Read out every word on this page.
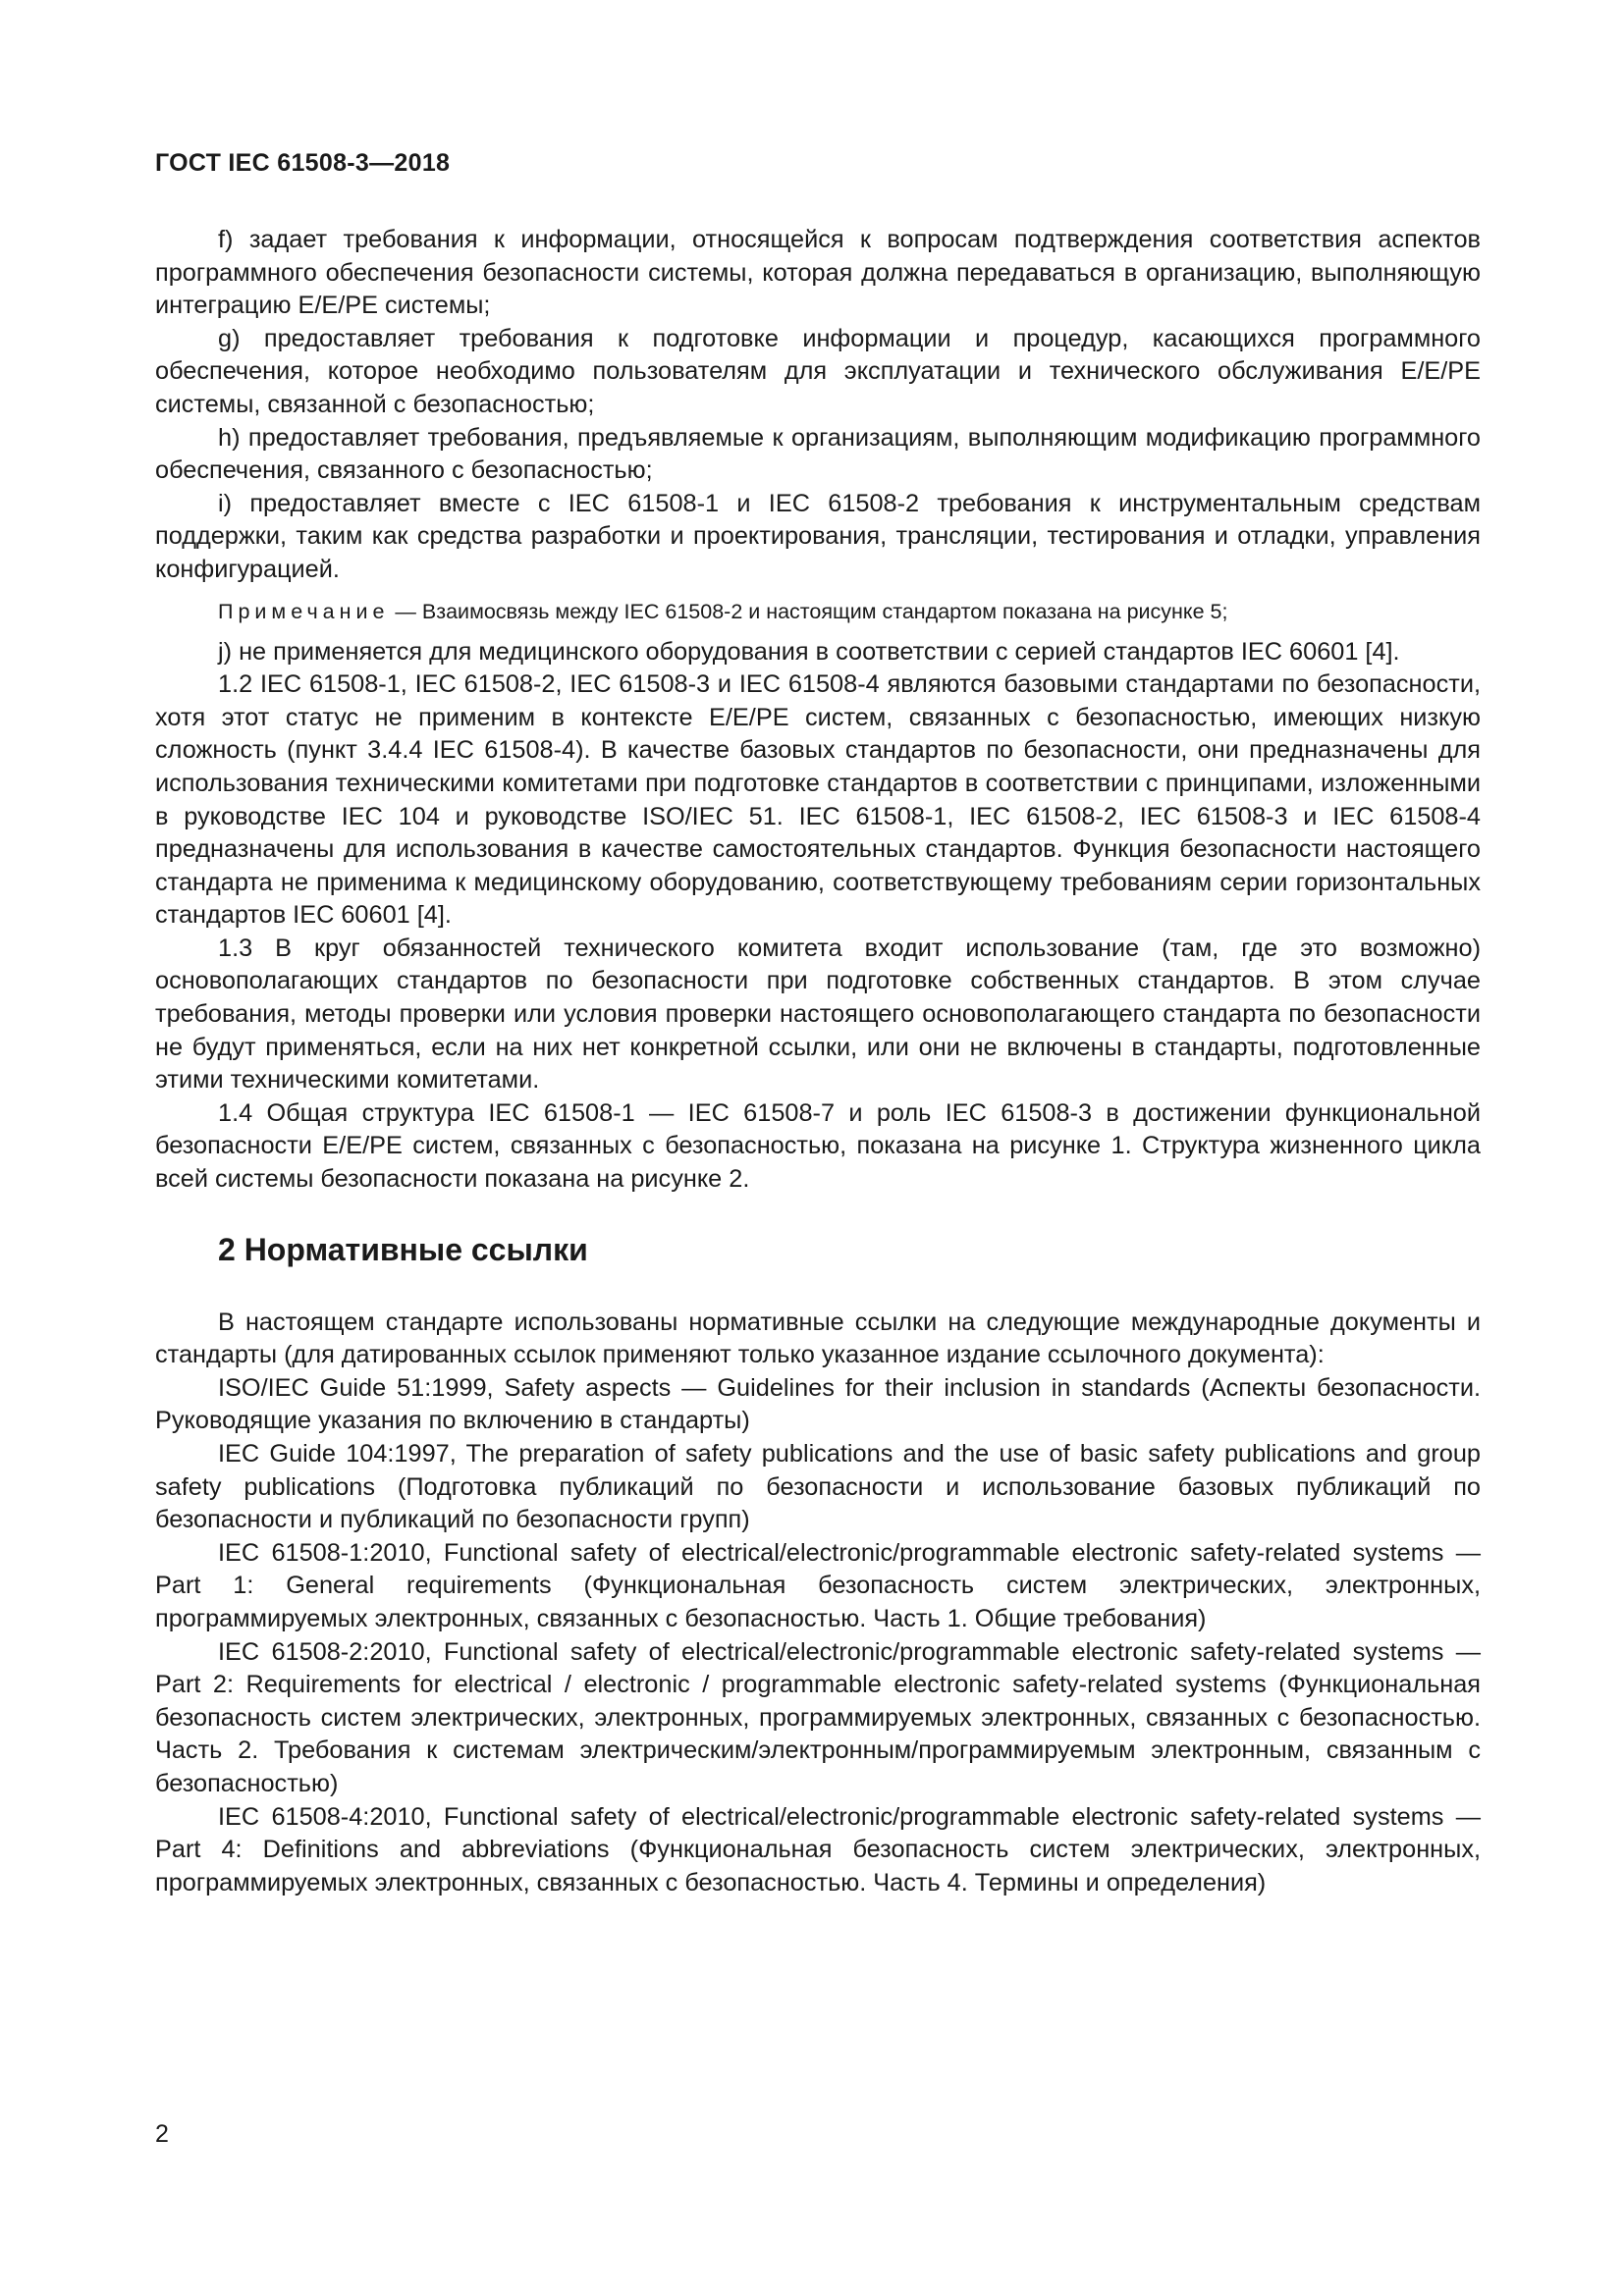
ГОСТ IEC 61508-3—2018

f) задает требования к информации, относящейся к вопросам подтверждения соответствия аспектов программного обеспечения безопасности системы, которая должна передаваться в организацию, выполняющую интеграцию Е/Е/РЕ системы;

g) предоставляет требования к подготовке информации и процедур, касающихся программного обеспечения, которое необходимо пользователям для эксплуатации и технического обслуживания Е/Е/РЕ системы, связанной с безопасностью;

h) предоставляет требования, предъявляемые к организациям, выполняющим модификацию программного обеспечения, связанного с безопасностью;

i) предоставляет вместе с IEC 61508-1 и IEC 61508-2 требования к инструментальным средствам поддержки, таким как средства разработки и проектирования, трансляции, тестирования и отладки, управления конфигурацией.

Примечание — Взаимосвязь между IEC 61508-2 и настоящим стандартом показана на рисунке 5;

j) не применяется для медицинского оборудования в соответствии с серией стандартов IEC 60601 [4].

1.2 IEC 61508-1, IEC 61508-2, IEC 61508-3 и IEC 61508-4 являются базовыми стандартами по безопасности, хотя этот статус не применим в контексте Е/Е/РЕ систем, связанных с безопасностью, имеющих низкую сложность (пункт 3.4.4 IEC 61508-4). В качестве базовых стандартов по безопасности, они предназначены для использования техническими комитетами при подготовке стандартов в соответствии с принципами, изложенными в руководстве IEC 104 и руководстве ISO/IEC 51. IEC 61508-1, IEC 61508-2, IEC 61508-3 и IEC 61508-4 предназначены для использования в качестве самостоятельных стандартов. Функция безопасности настоящего стандарта не применима к медицинскому оборудованию, соответствующему требованиям серии горизонтальных стандартов IEC 60601 [4].

1.3 В круг обязанностей технического комитета входит использование (там, где это возможно) основополагающих стандартов по безопасности при подготовке собственных стандартов. В этом случае требования, методы проверки или условия проверки настоящего основополагающего стандарта по безопасности не будут применяться, если на них нет конкретной ссылки, или они не включены в стандарты, подготовленные этими техническими комитетами.

1.4 Общая структура IEC 61508-1 — IEC 61508-7 и роль IEC 61508-3 в достижении функциональной безопасности Е/Е/РЕ систем, связанных с безопасностью, показана на рисунке 1. Структура жизненного цикла всей системы безопасности показана на рисунке 2.

2 Нормативные ссылки

В настоящем стандарте использованы нормативные ссылки на следующие международные документы и стандарты (для датированных ссылок применяют только указанное издание ссылочного документа):

ISO/IEC Guide 51:1999, Safety aspects — Guidelines for their inclusion in standards (Аспекты безопасности. Руководящие указания по включению в стандарты)

IEC Guide 104:1997, The preparation of safety publications and the use of basic safety publications and group safety publications (Подготовка публикаций по безопасности и использование базовых публикаций по безопасности и публикаций по безопасности групп)

IEC 61508-1:2010, Functional safety of electrical/electronic/programmable electronic safety-related systems — Part 1: General requirements (Функциональная безопасность систем электрических, электронных, программируемых электронных, связанных с безопасностью. Часть 1. Общие требования)

IEC 61508-2:2010, Functional safety of electrical/electronic/programmable electronic safety-related systems — Part 2: Requirements for electrical / electronic / programmable electronic safety-related systems (Функциональная безопасность систем электрических, электронных, программируемых электронных, связанных с безопасностью. Часть 2. Требования к системам электрическим/электронным/программируемым электронным, связанным с безопасностью)

IEC 61508-4:2010, Functional safety of electrical/electronic/programmable electronic safety-related systems — Part 4: Definitions and abbreviations (Функциональная безопасность систем электрических, электронных, программируемых электронных, связанных с безопасностью. Часть 4. Термины и определения)

2
